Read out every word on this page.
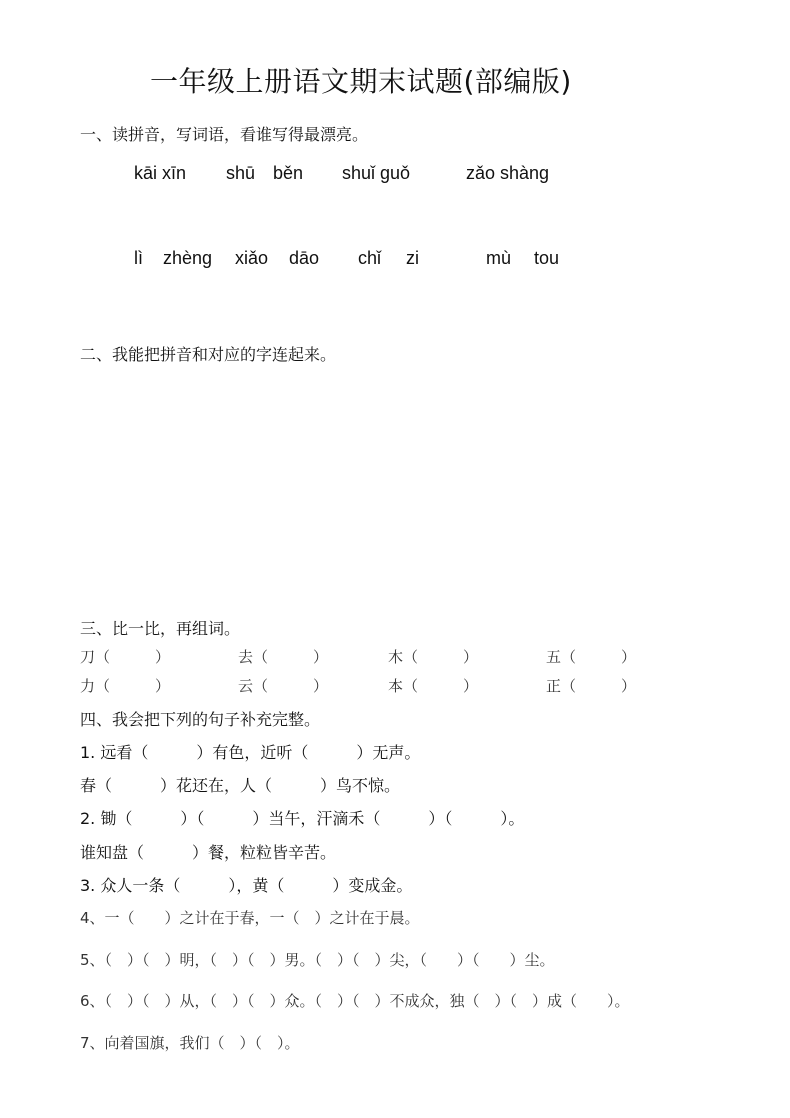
一年级上册语文期末试题(部编版)
一、读拼音，写词语，看谁写得最漂亮。
kāi xīn shū běn shuǐ guǒ	zǎo shàng
lì zhèng xiǎo dāo chǐ zi	mù tou
二、我能把拼音和对应的字连起来。
三、比一比，再组词。
刀（　　　）	去（　　　）	木（　　　）	五（　　　）
力（　　　）	云（　　　）	本（　　　）	正（　　　）
四、我会把下列的句子补充完整。
1. 远看（　　　）有色，近听（　　　）无声。
春（　　　）花还在，人（　　　）鸟不惊。
2. 锄（　　　）（　　　）当午，汗滴禾（　　　）（　　　）。
谁知盘（　　　）餐，粒粒皆辛苦。
3. 众人一条（　　　），黄（　　　）变成金。
4、一（　　）之计在于春，一（　）之计在于晨。
5、（　）（　）明，（　）（　）男。（　）（　）尖，（　　）（　　）尘。
6、（　）（　）从，（　）（　）众。（　）（　）不成众，独（　）（　）成（　　）。
7、向着国旗，我们（　）（　）。
